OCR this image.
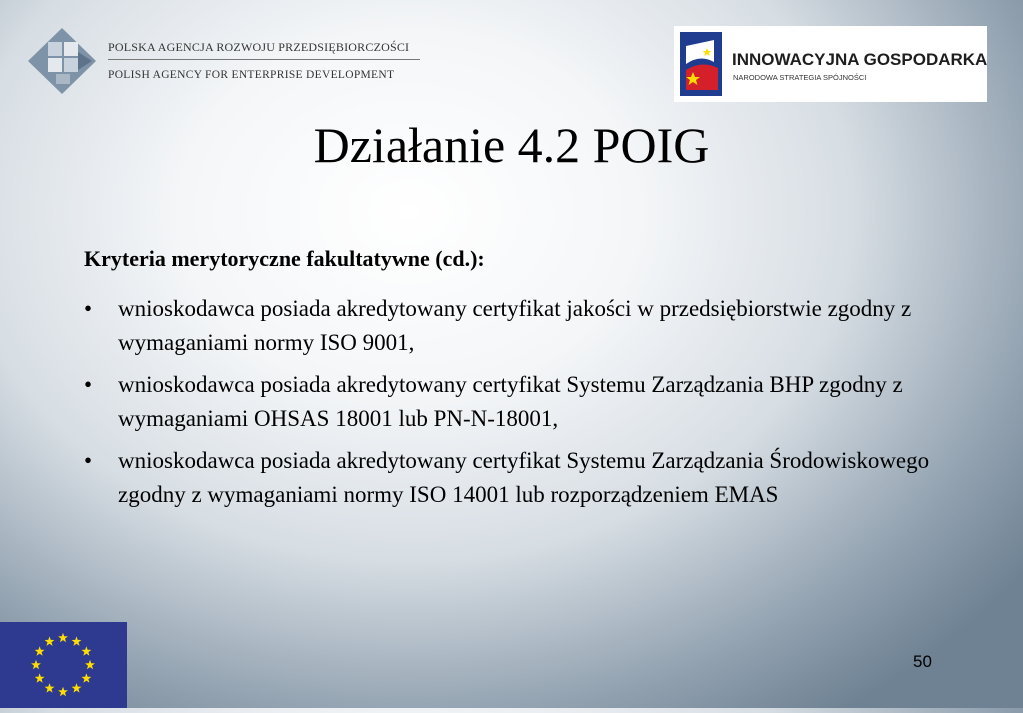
POLSKA AGENCJA ROZWOJU PRZEDSIĘBIORCZOŚCI
POLISH AGENCY FOR ENTERPRISE DEVELOPMENT
INNOWACYJNA GOSPODARKA
NARODOWA STRATEGIA SPÓJNOŚCI
Działanie 4.2 POIG
Kryteria merytoryczne fakultatywne (cd.):
• wnioskodawca posiada akredytowany certyfikat jakości w przedsiębiorstwie zgodny z wymaganiami normy ISO 9001,
• wnioskodawca posiada akredytowany certyfikat Systemu Zarządzania BHP zgodny z wymaganiami OHSAS 18001 lub PN-N-18001,
• wnioskodawca posiada akredytowany certyfikat Systemu Zarządzania Środowiskowego zgodny z wymaganiami normy ISO 14001 lub rozporządzeniem EMAS
50
